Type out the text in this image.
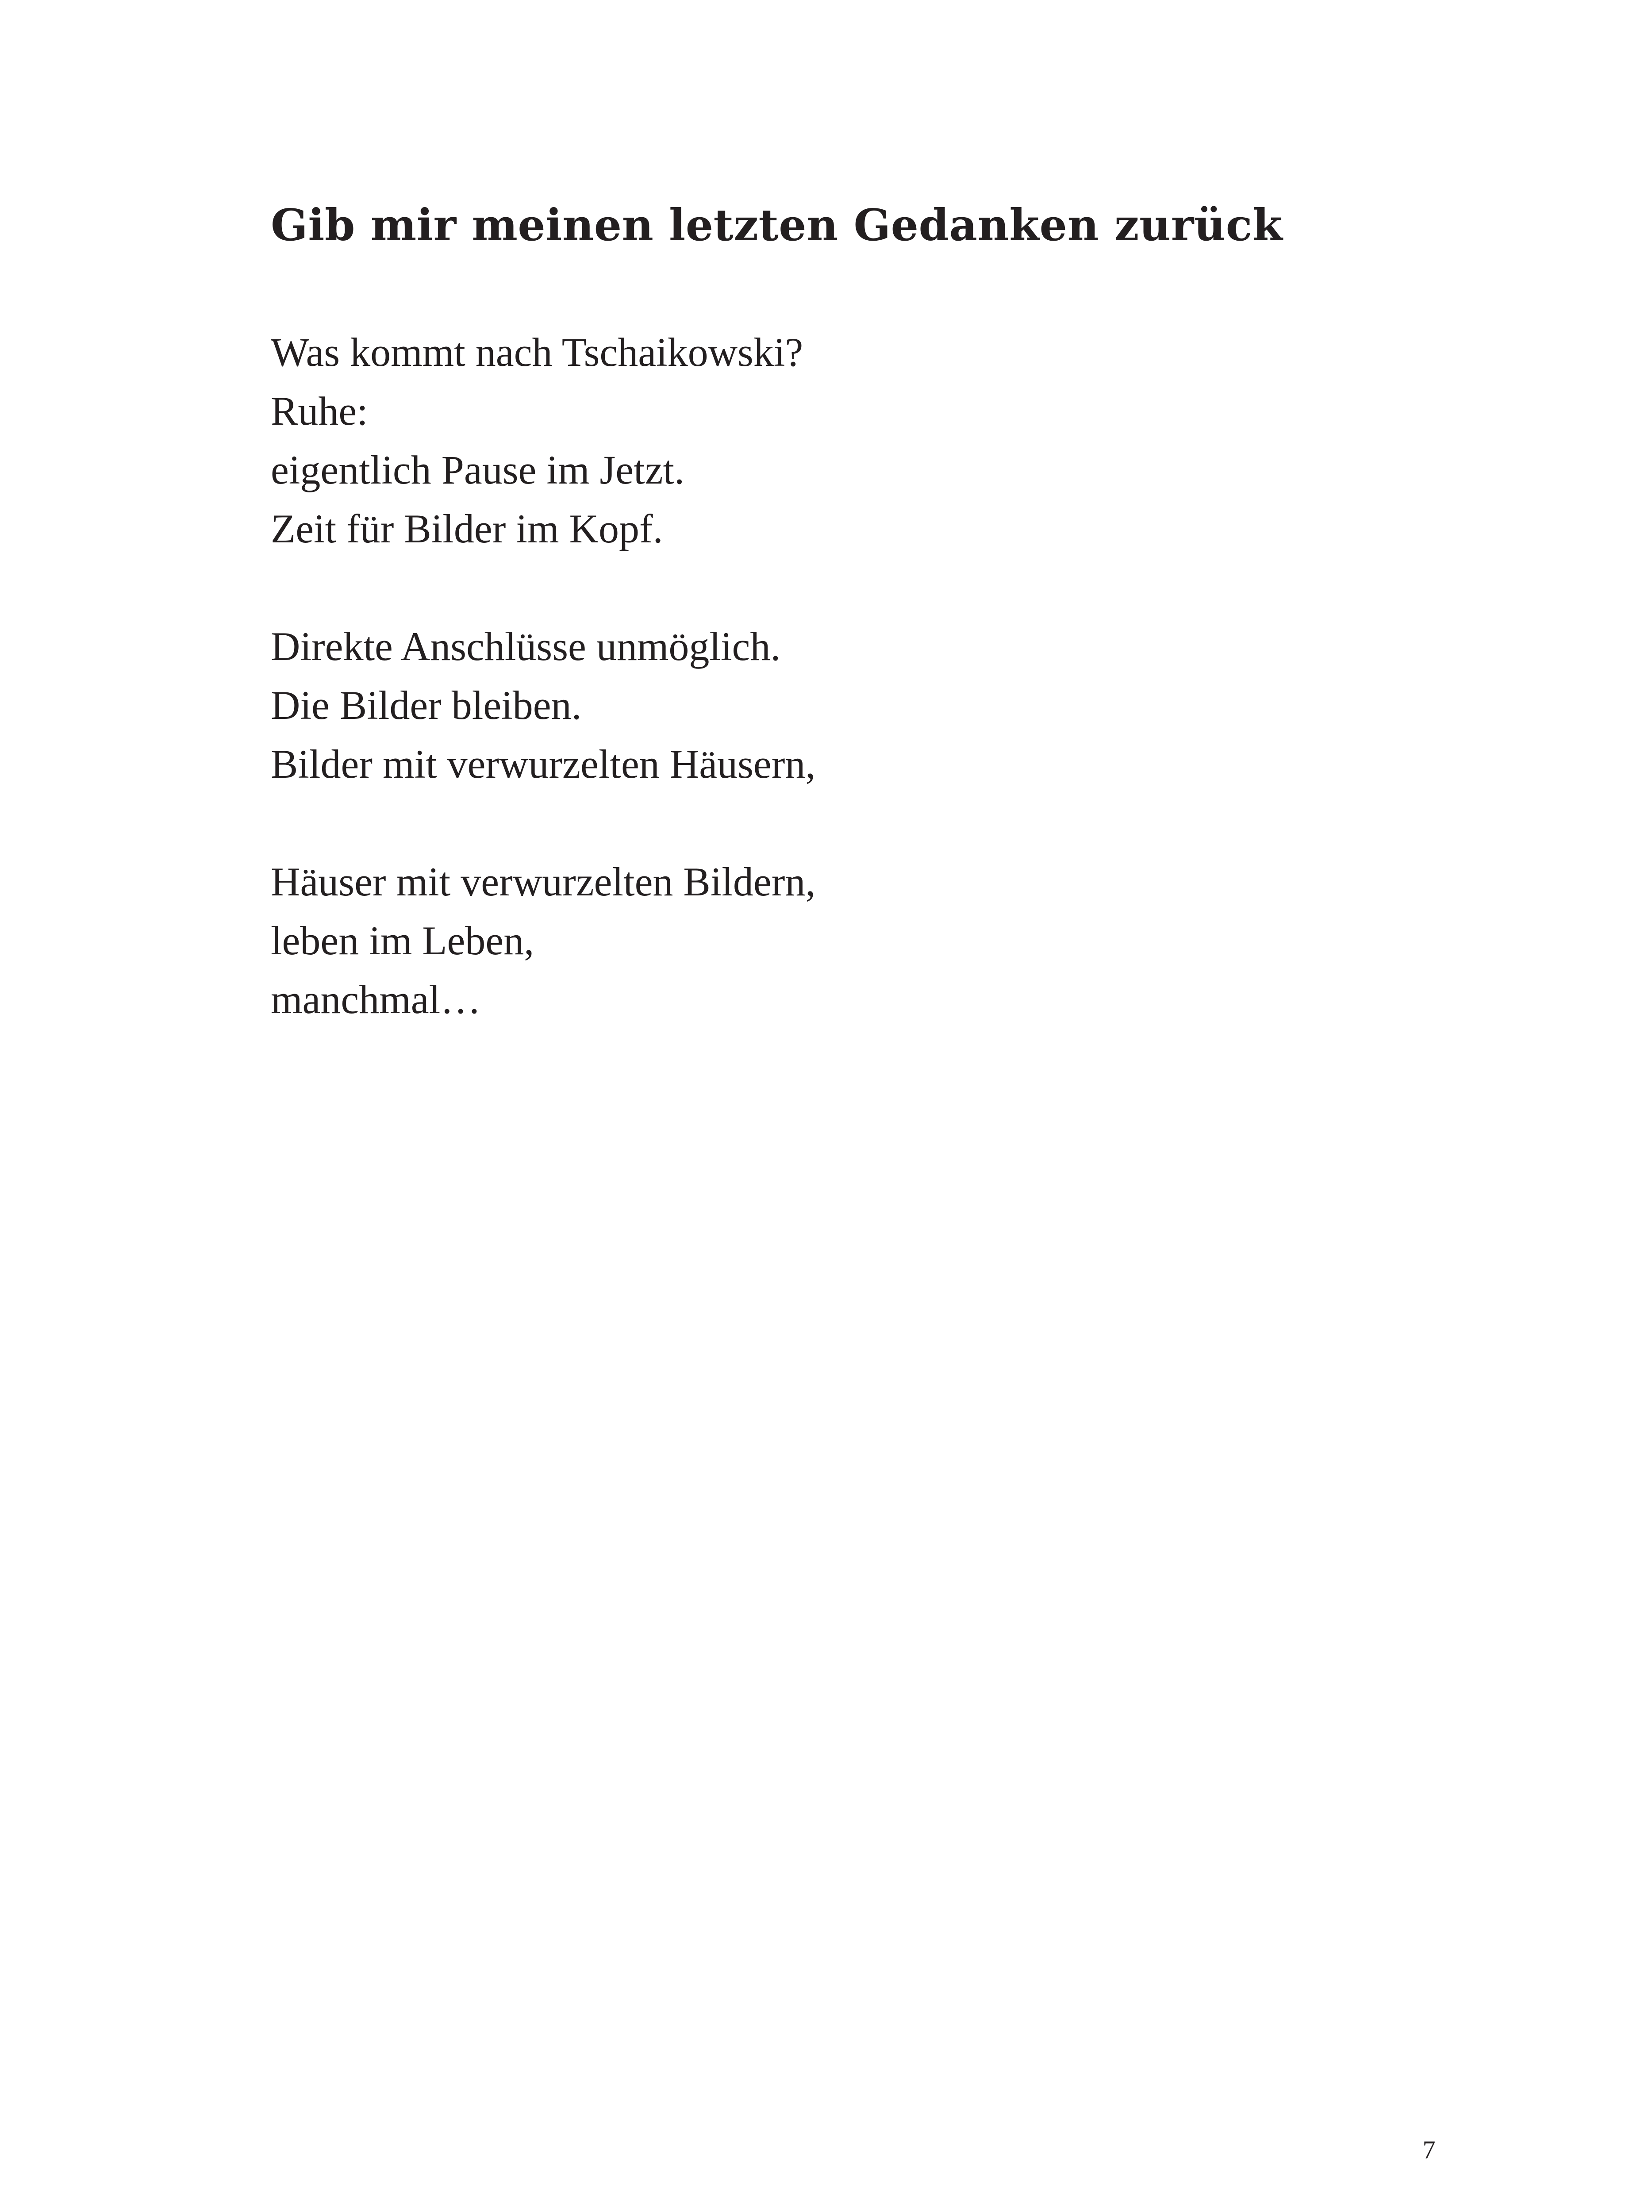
Gib mir meinen letzten Gedanken zurück

Was kommt nach Tschaikowski?
Ruhe:
eigentlich Pause im Jetzt.
Zeit für Bilder im Kopf.

Direkte Anschlüsse unmöglich.
Die Bilder bleiben.
Bilder mit verwurzelten Häusern,

Häuser mit verwurzelten Bildern,
leben im Leben,
manchmal…

7
